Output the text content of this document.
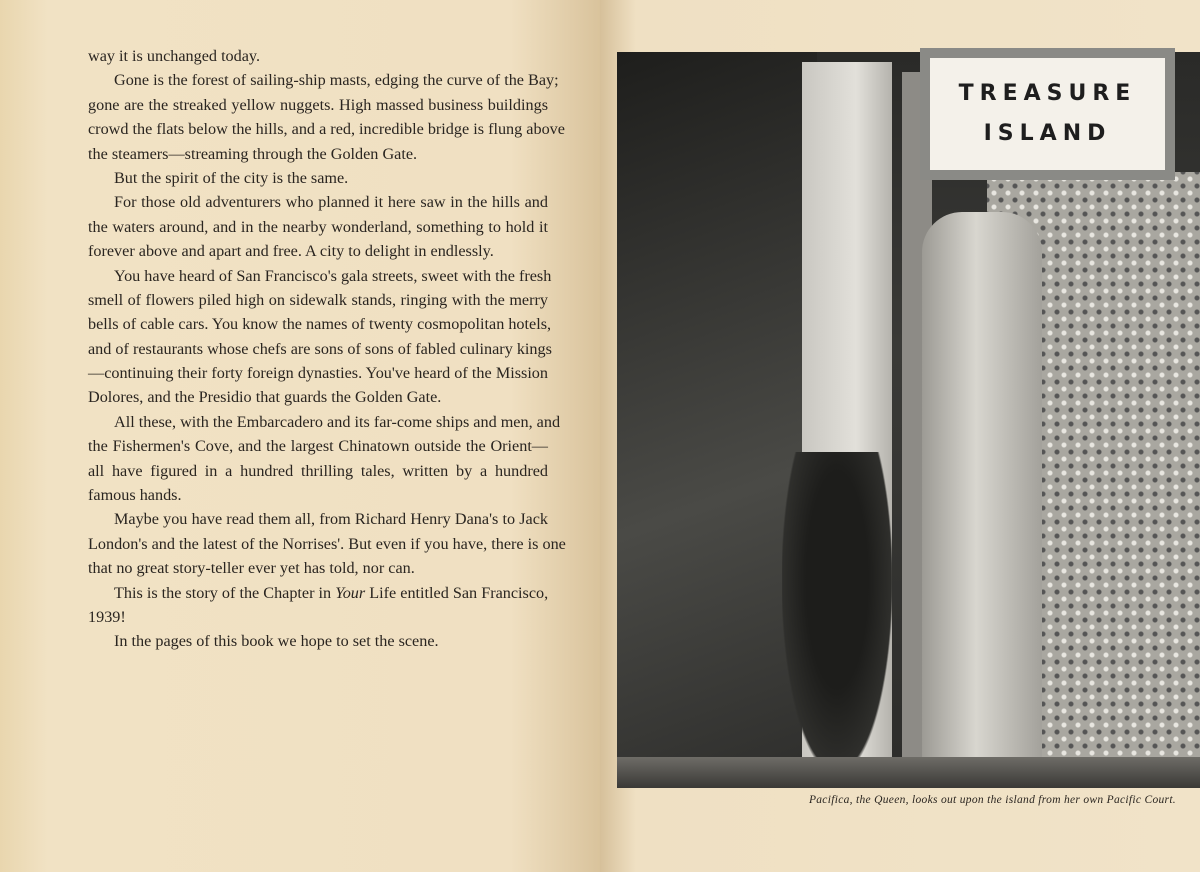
way it is unchanged today.
Gone is the forest of sailing-ship masts, edging the curve of the Bay;
gone are the streaked yellow nuggets. High massed business buildings
crowd the flats below the hills, and a red, incredible bridge is flung above
the steamers—streaming through the Golden Gate.
But the spirit of the city is the same.
For those old adventurers who planned it here saw in the hills and
the waters around, and in the nearby wonderland, something to hold it
forever above and apart and free. A city to delight in endlessly.
You have heard of San Francisco's gala streets, sweet with the fresh
smell of flowers piled high on sidewalk stands, ringing with the merry
bells of cable cars. You know the names of twenty cosmopolitan hotels,
and of restaurants whose chefs are sons of sons of fabled culinary kings
—continuing their forty foreign dynasties. You've heard of the Mission
Dolores, and the Presidio that guards the Golden Gate.
All these, with the Embarcadero and its far-come ships and men, and
the Fishermen's Cove, and the largest Chinatown outside the Orient—
all have figured in a hundred thrilling tales, written by a hundred
famous hands.
Maybe you have read them all, from Richard Henry Dana's to Jack
London's and the latest of the Norrises'. But even if you have, there is one
that no great story-teller ever yet has told, nor can.
This is the story of the Chapter in Your Life entitled San Francisco,
1939!
In the pages of this book we hope to set the scene.
TREASURE
ISLAND
Pacifica, the Queen, looks out upon the island from her own Pacific Court.
